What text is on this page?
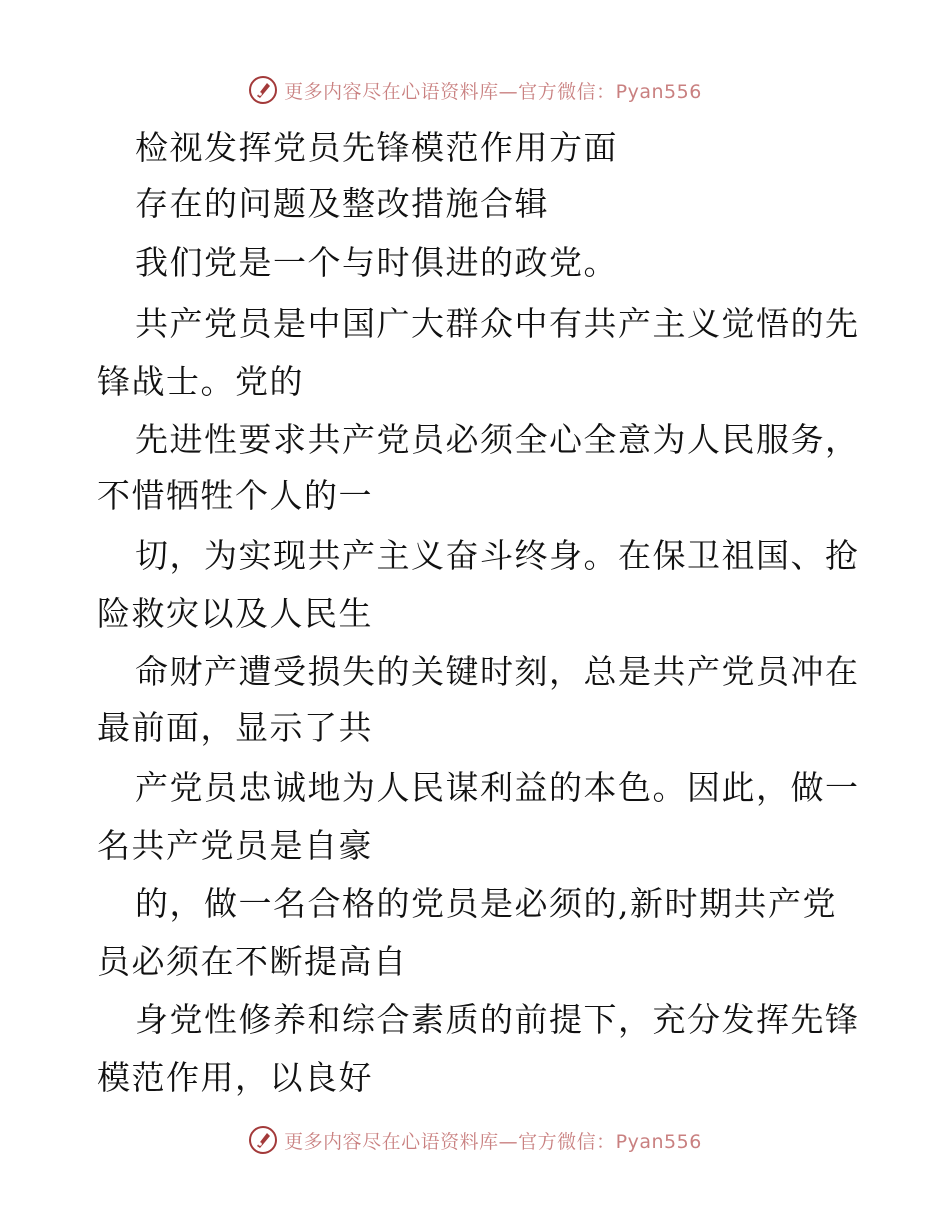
更多内容尽在心语资料库—官方微信：Pyan556
检视发挥党员先锋模范作用方面
存在的问题及整改措施合辑
我们党是一个与时俱进的政党。
共产党员是中国广大群众中有共产主义觉悟的先
锋战士。党的
先进性要求共产党员必须全心全意为人民服务，
不惜牺牲个人的一
切，为实现共产主义奋斗终身。在保卫祖国、抢
险救灾以及人民生
命财产遭受损失的关键时刻，总是共产党员冲在
最前面，显示了共
产党员忠诚地为人民谋利益的本色。因此，做一
名共产党员是自豪
的，做一名合格的党员是必须的,新时期共产党
员必须在不断提高自
身党性修养和综合素质的前提下，充分发挥先锋
模范作用，以良好
更多内容尽在心语资料库—官方微信：Pyan556
